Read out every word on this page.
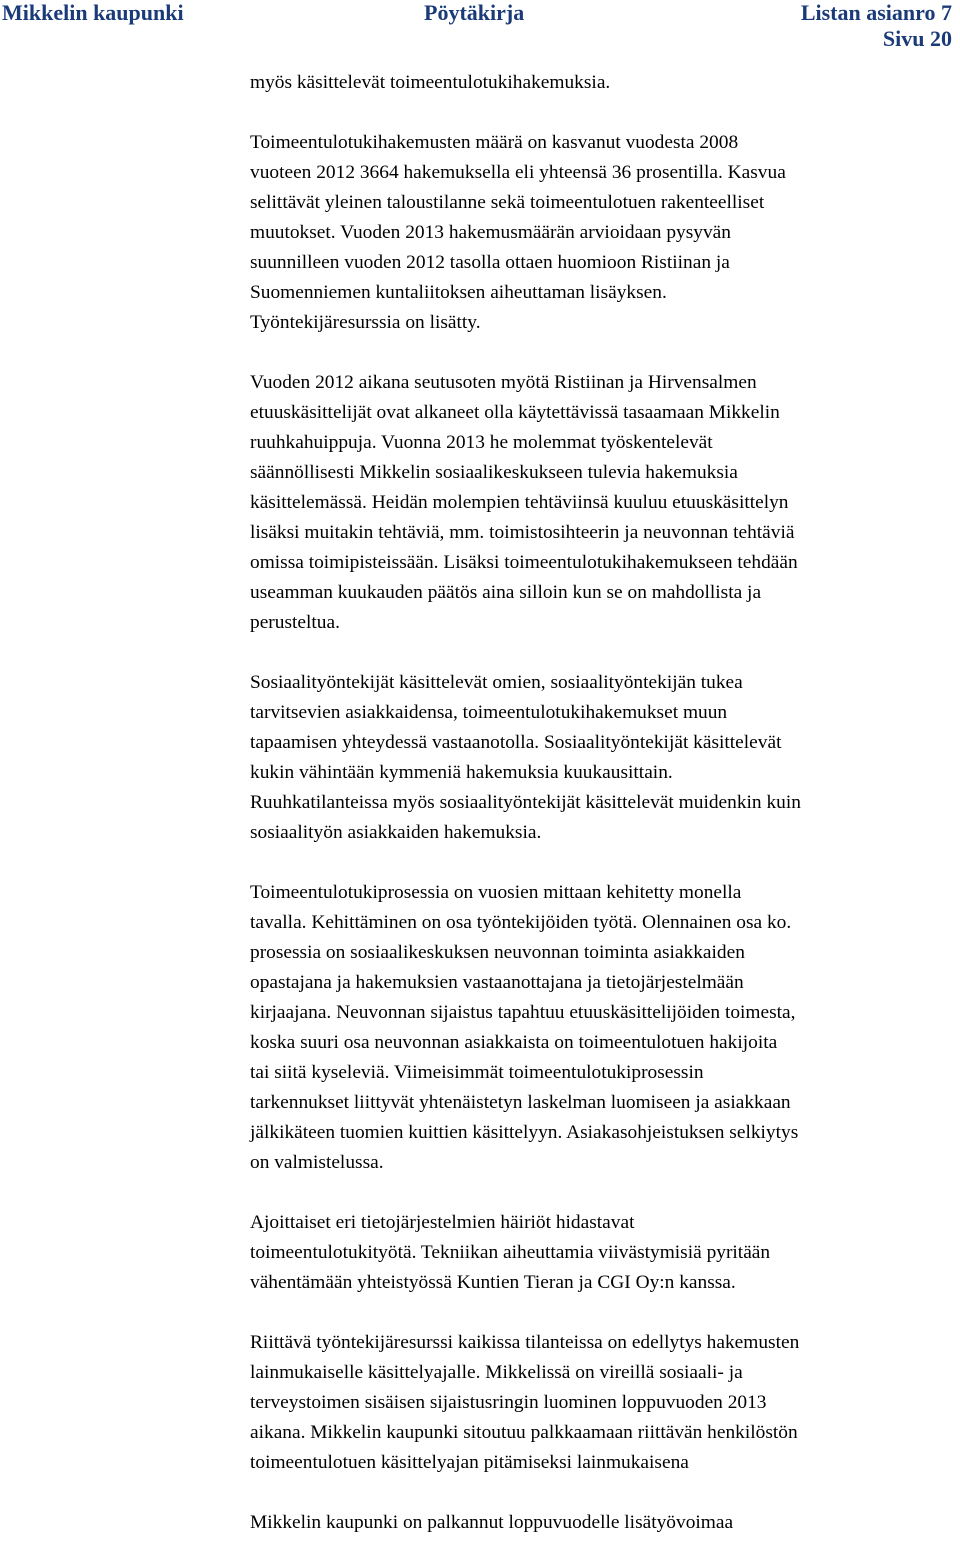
Mikkelin kaupunki	Pöytäkirja	Listan asianro 7
Sivu 20

myös käsittelevät toimeentulotukihakemuksia.

Toimeentulotukihakemusten määrä on kasvanut vuodesta 2008
vuoteen 2012 3664 hakemuksella eli yhteensä 36 prosentilla. Kasvua
selittävät yleinen taloustilanne sekä toimeentulotuen rakenteelliset
muutokset. Vuoden 2013 hakemusmäärän arvioidaan pysyvän
suunnilleen vuoden 2012 tasolla ottaen huomioon Ristiinan ja
Suomenniemen kuntaliitoksen aiheuttaman lisäyksen.
Työntekijäresurssia on lisätty.

Vuoden 2012 aikana seutusoten myötä Ristiinan ja Hirvensalmen
etuuskäsittelijät ovat alkaneet olla käytettävissä tasaamaan Mikkelin
ruuhkahuippuja. Vuonna 2013 he molemmat työskentelevät
säännöllisesti Mikkelin sosiaalikeskukseen tulevia hakemuksia
käsittelemässä. Heidän molempien tehtäviinsä kuuluu etuuskäsittelyn
lisäksi muitakin tehtäviä, mm. toimistosihteerin ja neuvonnan tehtäviä
omissa toimipisteissään. Lisäksi toimeentulotukihakemukseen tehdään
useamman kuukauden päätös aina silloin kun se on mahdollista ja
perusteltua.

Sosiaalityöntekijät käsittelevät omien, sosiaalityöntekijän tukea
tarvitsevien asiakkaidensa, toimeentulotukihakemukset muun
tapaamisen yhteydessä vastaanotolla. Sosiaalityöntekijät käsittelevät
kukin vähintään kymmeniä hakemuksia kuukausittain.
Ruuhkatilanteissa myös sosiaalityöntekijät käsittelevät muidenkin kuin
sosiaalityön asiakkaiden hakemuksia.

Toimeentulotukiprosessia on vuosien mittaan kehitetty monella
tavalla. Kehittäminen on osa työntekijöiden työtä. Olennainen osa ko.
prosessia on sosiaalikeskuksen neuvonnan toiminta asiakkaiden
opastajana ja hakemuksien vastaanottajana ja tietojärjestelmään
kirjaajana. Neuvonnan sijaistus tapahtuu etuuskäsittelijöiden toimesta,
koska suuri osa neuvonnan asiakkaista on toimeentulotuen hakijoita
tai siitä kyseleviä. Viimeisimmät toimeentulotukiprosessin
tarkennukset liittyvät yhtenäistetyn laskelman luomiseen ja asiakkaan
jälkikäteen tuomien kuittien käsittelyyn. Asiakasohjeistuksen selkiytys
on valmistelussa.

Ajoittaiset eri tietojärjestelmien häiriöt hidastavat
toimeentulotukityötä. Tekniikan aiheuttamia viivästymisiä pyritään
vähentämään yhteistyössä Kuntien Tieran ja CGI Oy:n kanssa.

Riittävä työntekijäresurssi kaikissa tilanteissa on edellytys hakemusten
lainmukaiselle käsittelyajalle. Mikkelissä on vireillä sosiaali- ja
terveystoimen sisäisen sijaistusringin luominen loppuvuoden 2013
aikana. Mikkelin kaupunki sitoutuu palkkaamaan riittävän henkilöstön
toimeentulotuen käsittelyajan pitämiseksi lainmukaisena

Mikkelin kaupunki on palkannut loppuvuodelle lisätyövoimaa
